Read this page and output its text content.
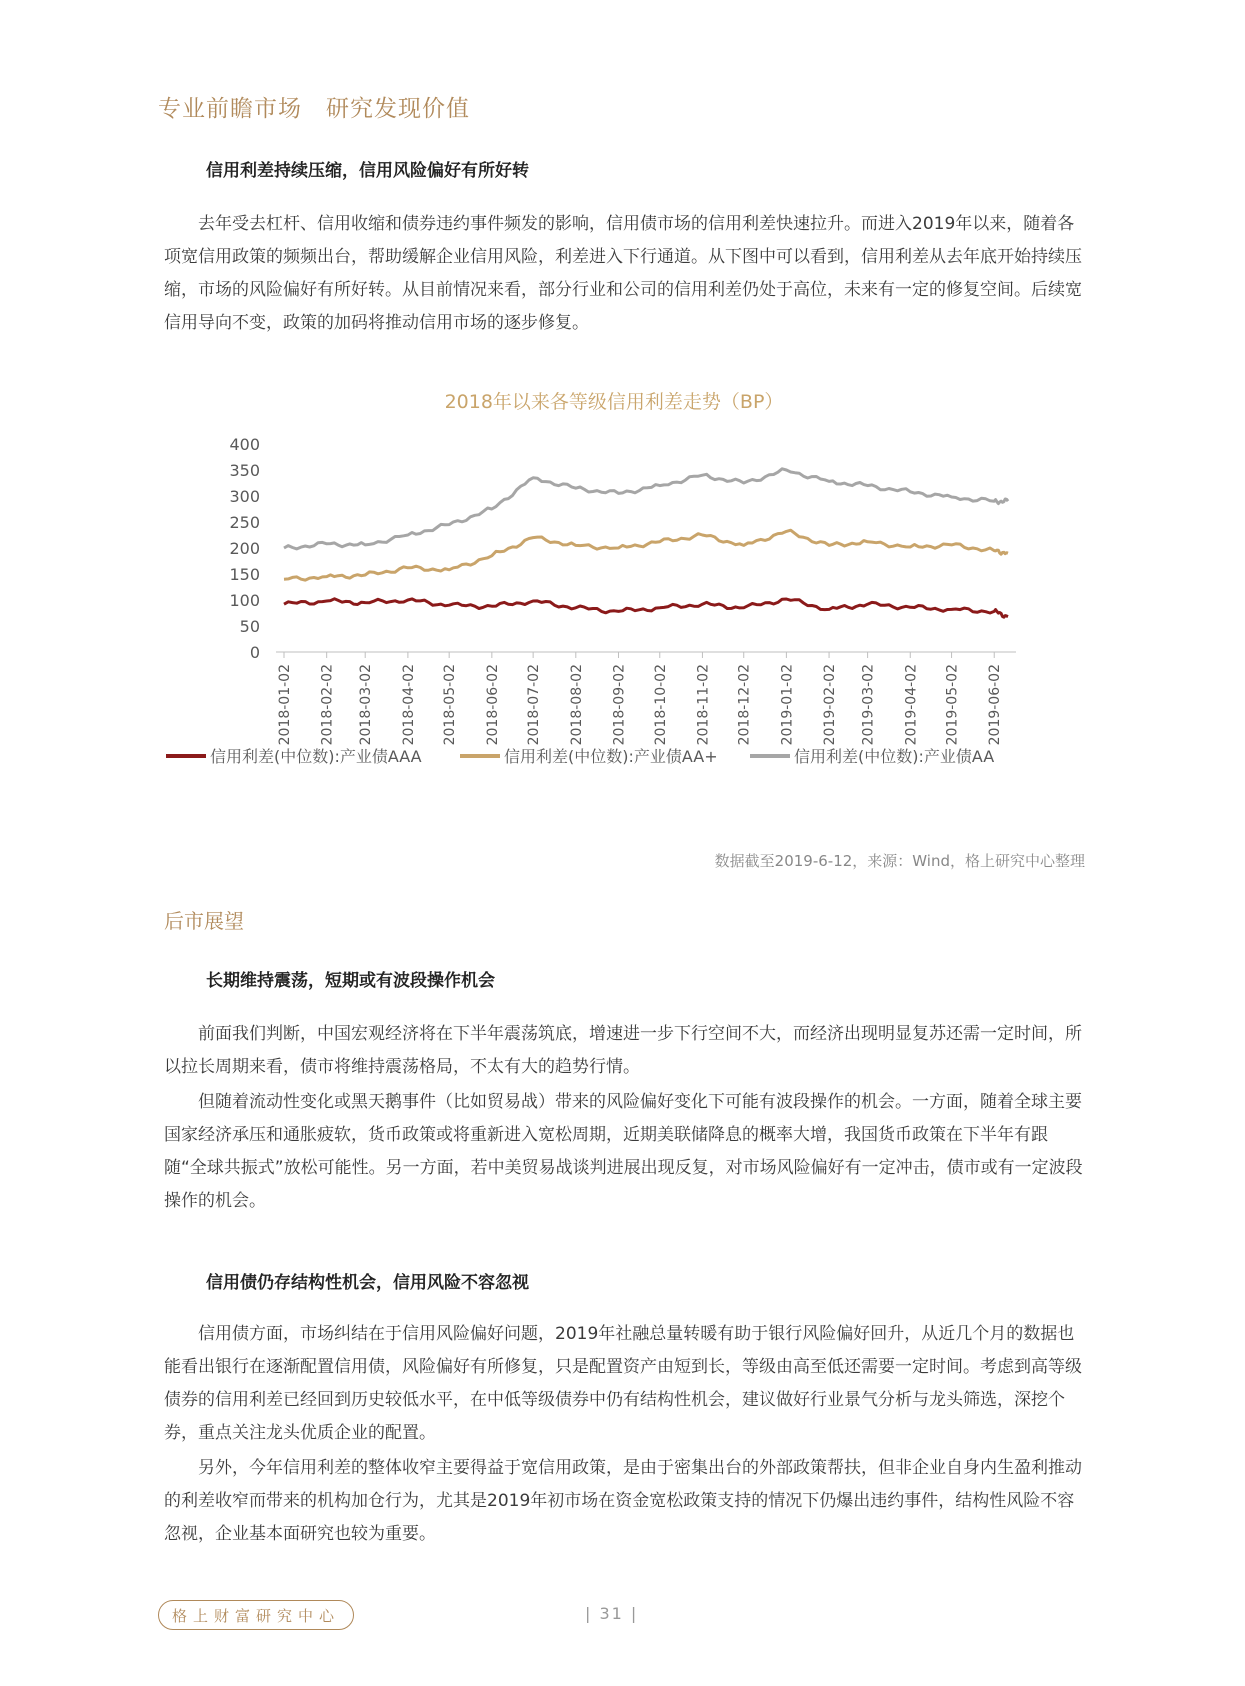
专业前瞻市场　研究发现价值
信用利差持续压缩，信用风险偏好有所好转

去年受去杠杆、信用收缩和债券违约事件频发的影响，信用债市场的信用利差快速拉升。而进入2019年以来，随着各项宽信用政策的频频出台，帮助缓解企业信用风险，利差进入下行通道。从下图中可以看到，信用利差从去年底开始持续压缩，市场的风险偏好有所好转。从目前情况来看，部分行业和公司的信用利差仍处于高位，未来有一定的修复空间。后续宽信用导向不变，政策的加码将推动信用市场的逐步修复。

2018年以来各等级信用利差走势（BP）
0
50
100
150
200
250
300
350
400
2018-01-02 2018-02-02 2018-03-02 2018-04-02 2018-05-02 2018-06-02 2018-07-02 2018-08-02 2018-09-02 2018-10-02 2018-11-02 2018-12-02 2019-01-02 2019-02-02 2019-03-02 2019-04-02 2019-05-02 2019-06-02
信用利差(中位数):产业债AAA	信用利差(中位数):产业债AA+	信用利差(中位数):产业债AA
数据截至2019-6-12，来源：Wind，格上研究中心整理
后市展望
长期维持震荡，短期或有波段操作机会

前面我们判断，中国宏观经济将在下半年震荡筑底，增速进一步下行空间不大，而经济出现明显复苏还需一定时间，所以拉长周期来看，债市将维持震荡格局，不太有大的趋势行情。

但随着流动性变化或黑天鹅事件（比如贸易战）带来的风险偏好变化下可能有波段操作的机会。一方面，随着全球主要国家经济承压和通胀疲软，货币政策或将重新进入宽松周期，近期美联储降息的概率大增，我国货币政策在下半年有跟随“全球共振式”放松可能性。另一方面，若中美贸易战谈判进展出现反复，对市场风险偏好有一定冲击，债市或有一定波段操作的机会。

信用债仍存结构性机会，信用风险不容忽视

信用债方面，市场纠结在于信用风险偏好问题，2019年社融总量转暖有助于银行风险偏好回升，从近几个月的数据也能看出银行在逐渐配置信用债，风险偏好有所修复，只是配置资产由短到长，等级由高至低还需要一定时间。考虑到高等级债券的信用利差已经回到历史较低水平，在中低等级债券中仍有结构性机会，建议做好行业景气分析与龙头筛选，深挖个券，重点关注龙头优质企业的配置。

另外，今年信用利差的整体收窄主要得益于宽信用政策，是由于密集出台的外部政策帮扶，但非企业自身内生盈利推动的利差收窄而带来的机构加仓行为，尤其是2019年初市场在资金宽松政策支持的情况下仍爆出违约事件，结构性风险不容忽视，企业基本面研究也较为重要。

格上财富研究中心	| 31 |
